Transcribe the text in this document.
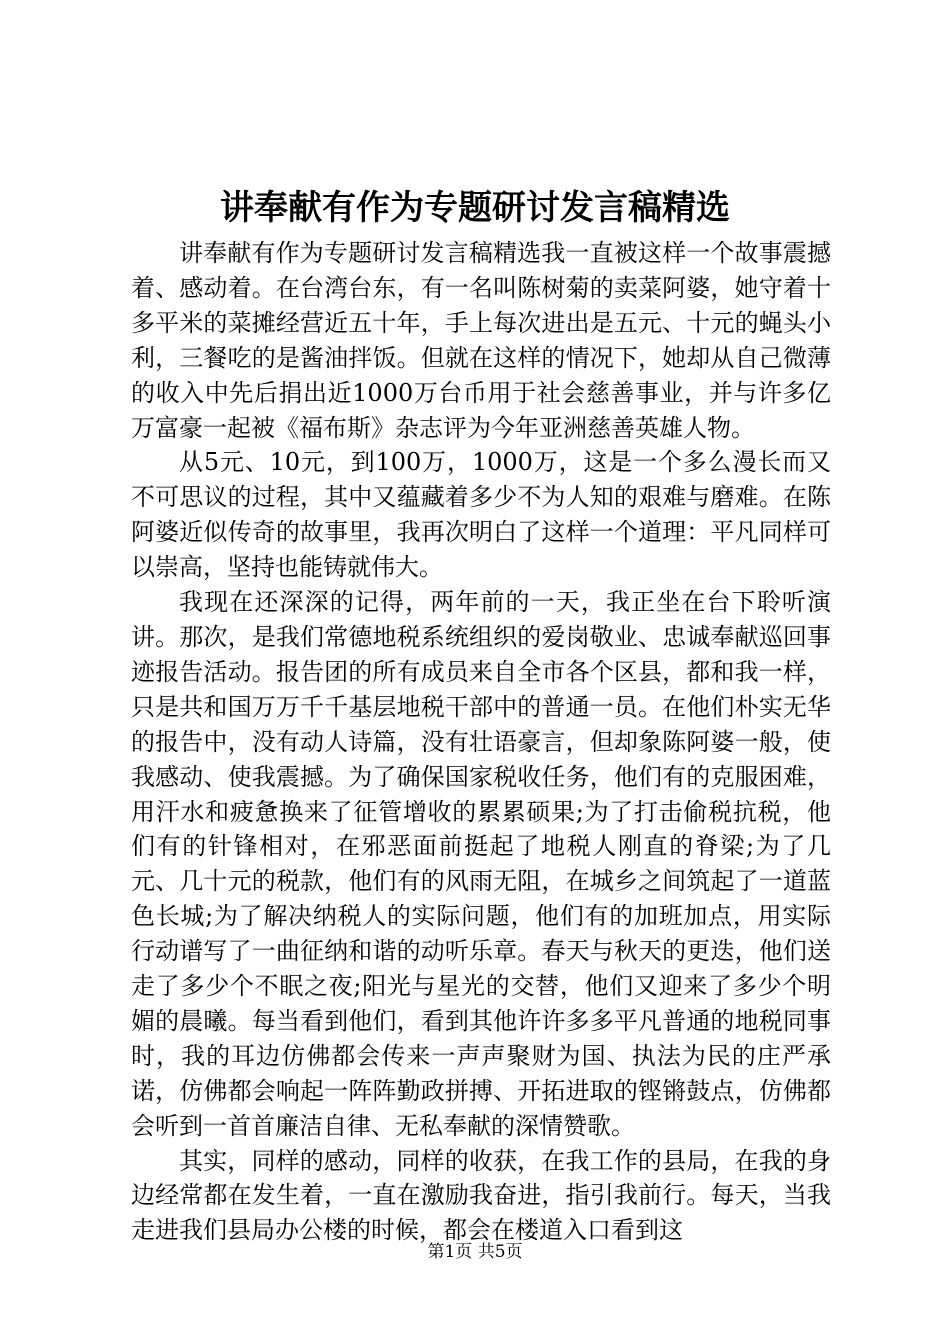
讲奉献有作为专题研讨发言稿精选

讲奉献有作为专题研讨发言稿精选我一直被这样一个故事震撼着、感动着。在台湾台东，有一名叫陈树菊的卖菜阿婆，她守着十多平米的菜摊经营近五十年，手上每次进出是五元、十元的蝇头小利，三餐吃的是酱油拌饭。但就在这样的情况下，她却从自己微薄的收入中先后捐出近1000万台币用于社会慈善事业，并与许多亿万富豪一起被《福布斯》杂志评为今年亚洲慈善英雄人物。

从5元、10元，到100万，1000万，这是一个多么漫长而又不可思议的过程，其中又蕴藏着多少不为人知的艰难与磨难。在陈阿婆近似传奇的故事里，我再次明白了这样一个道理：平凡同样可以崇高，坚持也能铸就伟大。

我现在还深深的记得，两年前的一天，我正坐在台下聆听演讲。那次，是我们常德地税系统组织的爱岗敬业、忠诚奉献巡回事迹报告活动。报告团的所有成员来自全市各个区县，都和我一样，只是共和国万万千千基层地税干部中的普通一员。在他们朴实无华的报告中，没有动人诗篇，没有壮语豪言，但却象陈阿婆一般，使我感动、使我震撼。为了确保国家税收任务，他们有的克服困难，用汗水和疲惫换来了征管增收的累累硕果;为了打击偷税抗税，他们有的针锋相对，在邪恶面前挺起了地税人刚直的脊梁;为了几元、几十元的税款，他们有的风雨无阻，在城乡之间筑起了一道蓝色长城;为了解决纳税人的实际问题，他们有的加班加点，用实际行动谱写了一曲征纳和谐的动听乐章。春天与秋天的更迭，他们送走了多少个不眠之夜;阳光与星光的交替，他们又迎来了多少个明媚的晨曦。每当看到他们，看到其他许许多多平凡普通的地税同事时，我的耳边仿佛都会传来一声声聚财为国、执法为民的庄严承诺，仿佛都会响起一阵阵勤政拼搏、开拓进取的铿锵鼓点，仿佛都会听到一首首廉洁自律、无私奉献的深情赞歌。

其实，同样的感动，同样的收获，在我工作的县局，在我的身边经常都在发生着，一直在激励我奋进，指引我前行。每天，当我走进我们县局办公楼的时候，都会在楼道入口看到这

第1页 共5页
